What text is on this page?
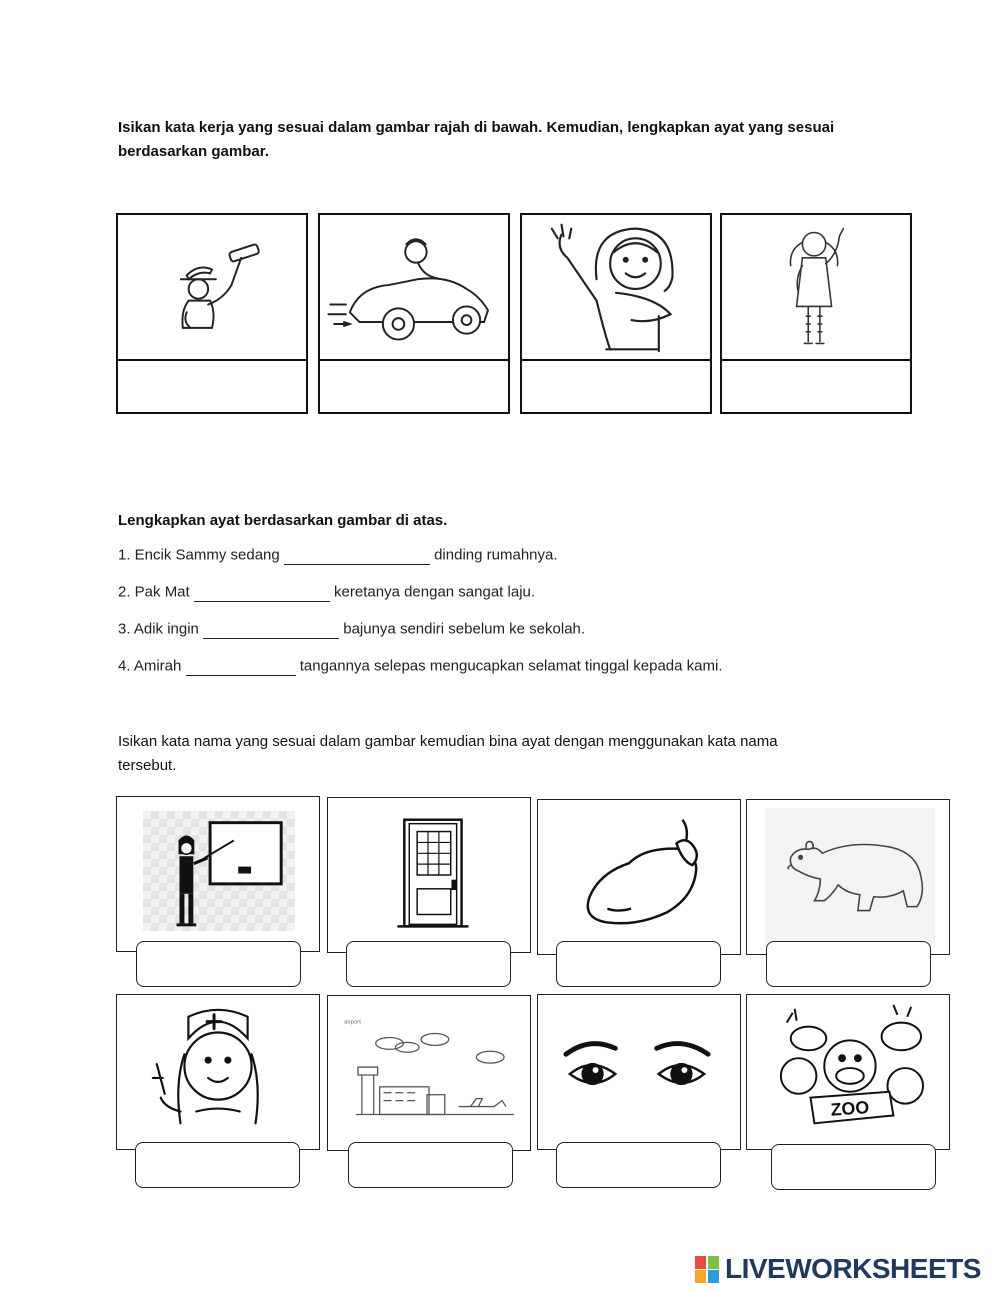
Isikan kata kerja yang sesuai dalam gambar rajah di bawah. Kemudian, lengkapkan ayat yang sesuai
berdasarkan gambar.
Lengkapkan ayat berdasarkan gambar di atas.
1. Encik Sammy sedang	dinding rumahnya.
2. Pak Mat	keretanya dengan sangat laju.
3. Adik ingin	bajunya sendiri sebelum ke sekolah.
4. Amirah	tangannya selepas mengucapkan selamat tinggal kepada kami.
Isikan kata nama yang sesuai dalam gambar kemudian bina ayat dengan menggunakan kata nama
tersebut.
airport
ZOO
LIVEWORKSHEETS
